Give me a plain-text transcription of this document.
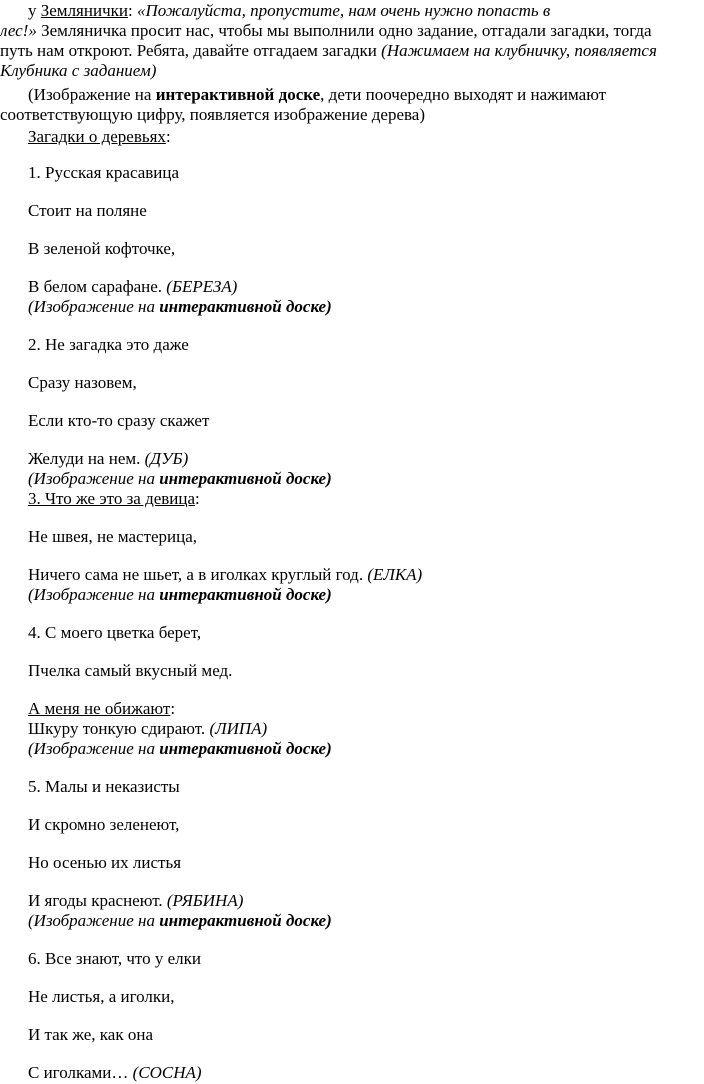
у Землянички: «Пожалуйста, пропустите, нам очень нужно попасть в
лес!» Земляничка просит нас, чтобы мы выполнили одно задание, отгадали загадки, тогда
путь нам откроют. Ребята, давайте отгадаем загадки (Нажимаем на клубничку, появляется
Клубника с заданием)
(Изображение на интерактивной доске, дети поочередно выходят и нажимают
соответствующую цифру, появляется изображение дерева)
Загадки о деревьях:
1. Русская красавица
Стоит на поляне
В зеленой кофточке,
В белом сарафане. (БЕРЕЗА)
(Изображение на интерактивной доске)
2. Не загадка это даже
Сразу назовем,
Если кто-то сразу скажет
Желуди на нем. (ДУБ)
(Изображение на интерактивной доске)
3. Что же это за девица:
Не швея, не мастерица,
Ничего сама не шьет, а в иголках круглый год. (ЕЛКА)
(Изображение на интерактивной доске)
4. С моего цветка берет,
Пчелка самый вкусный мед.
А меня не обижают:
Шкуру тонкую сдирают. (ЛИПА)
(Изображение на интерактивной доске)
5. Малы и неказисты
И скромно зеленеют,
Но осенью их листья
И ягоды краснеют. (РЯБИНА)
(Изображение на интерактивной доске)
6. Все знают, что у елки
Не листья, а иголки,
И так же, как она
С иголками… (СОСНА)
